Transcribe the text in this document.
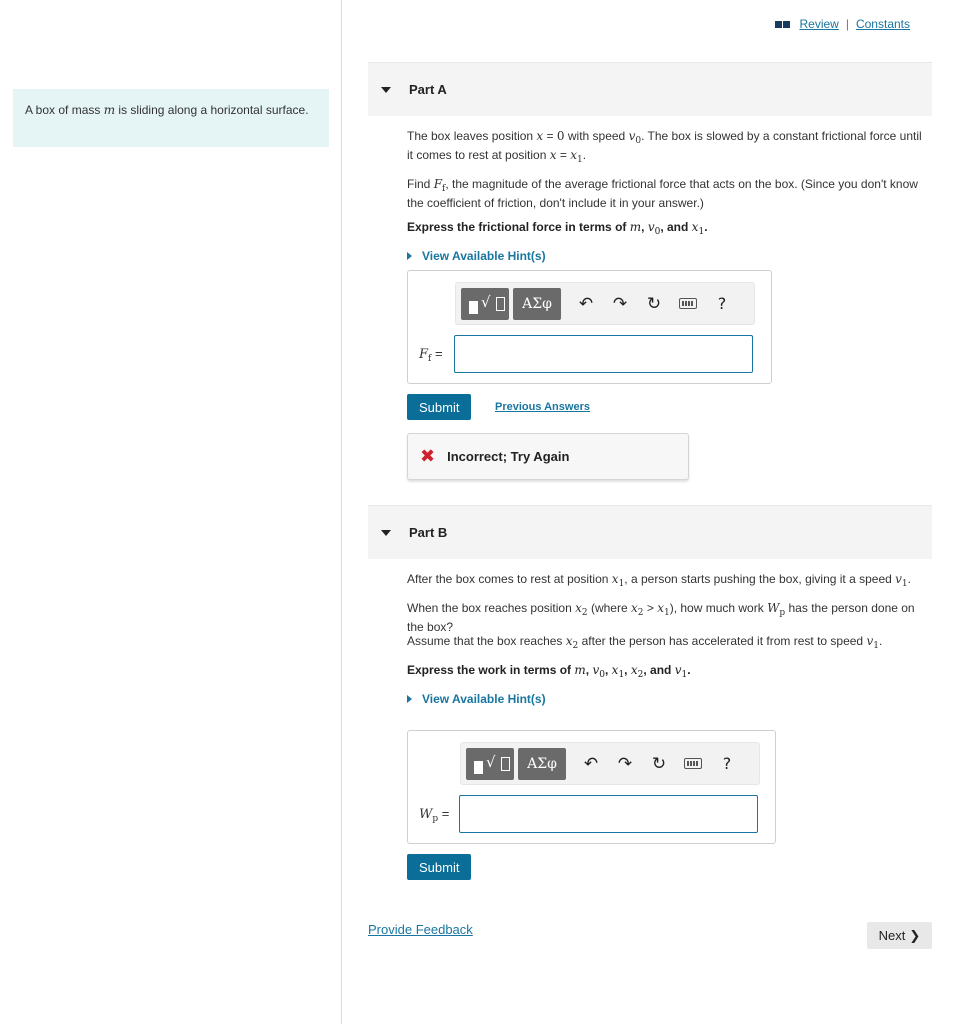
A box of mass m is sliding along a horizontal surface.
Review | Constants
Part A

The box leaves position x = 0 with speed $v_0$. The box is slowed by a constant frictional force until it comes to rest at position $x = x_1$.

Find $F_f$, the magnitude of the average frictional force that acts on the box. (Since you don't know the coefficient of friction, don't include it in your answer.)

Express the frictional force in terms of m, $v_0$, and $x_1$.

View Available Hint(s)
√	ΑΣφ	↶	↷	↻	?
$F_f$ =
Submit	Previous Answers
✖ Incorrect; Try Again
Part B

After the box comes to rest at position $x_1$, a person starts pushing the box, giving it a speed $v_1$.

When the box reaches position $x_2$ (where $x_2 > x_1$), how much work $W_p$ has the person done on the box?

Assume that the box reaches $x_2$ after the person has accelerated it from rest to speed $v_1$.

Express the work in terms of m, $v_0$, $x_1$, $x_2$, and $v_1$.

View Available Hint(s)
√	ΑΣφ	↶	↷	↻	?
$W_p$ =
Submit
Provide Feedback	Next ❯
